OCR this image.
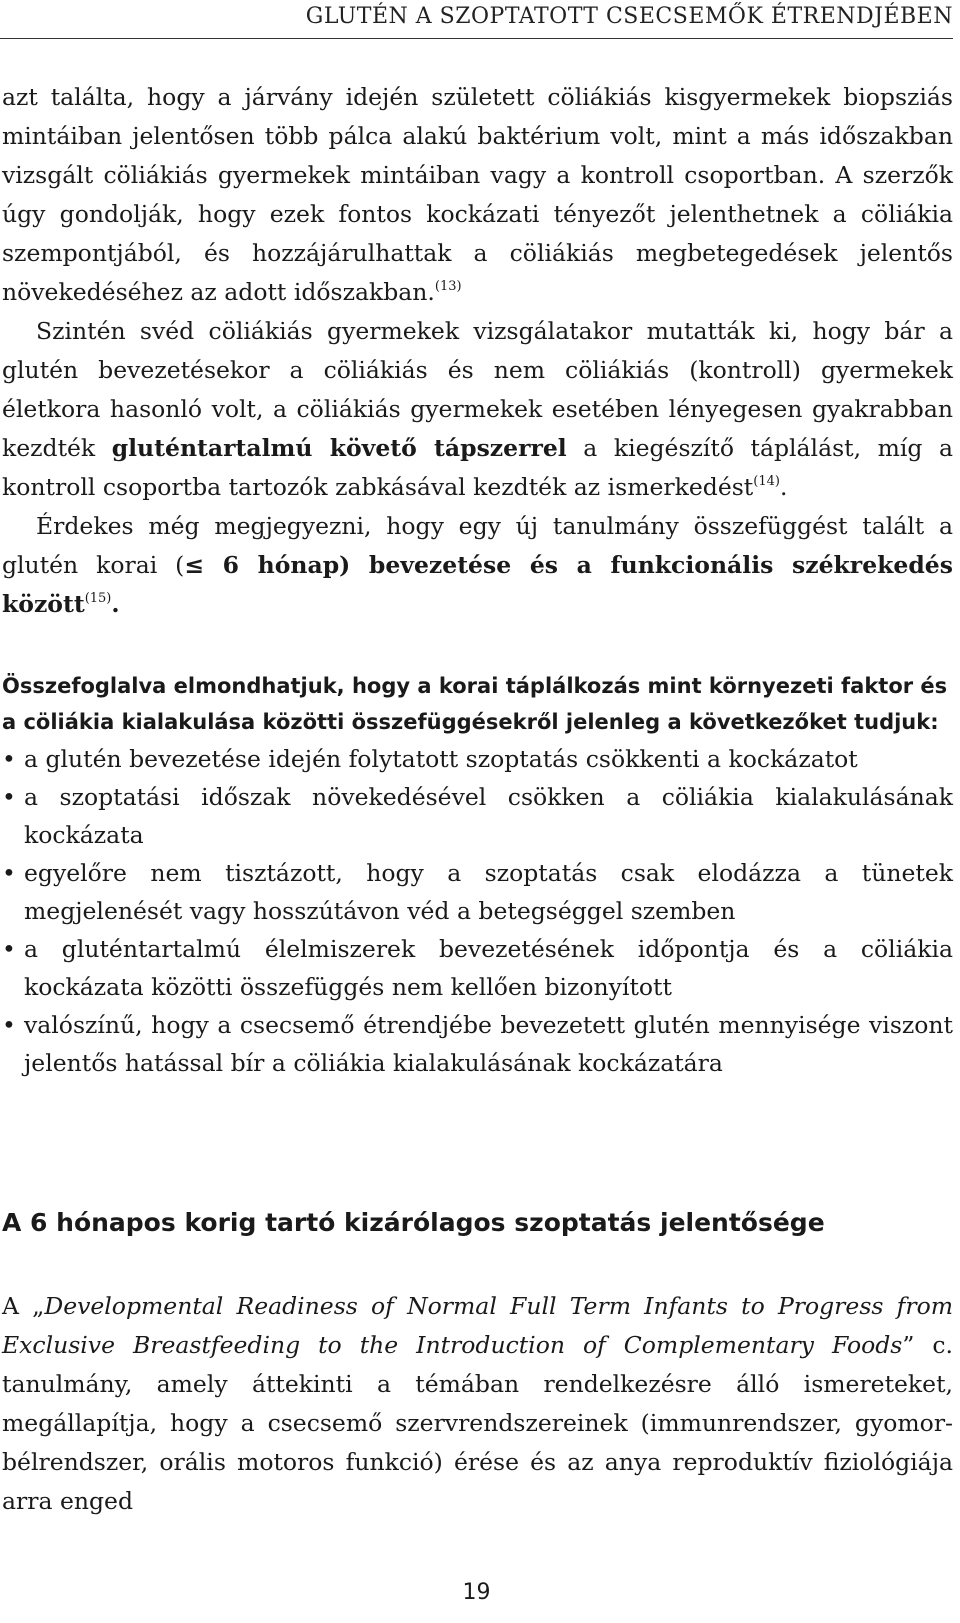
GLUTÉN A SZOPTATOTT CSECSEMŐK ÉTRENDJÉBEN

azt találta, hogy a járvány idején született cöliákiás kisgyermekek biopsziás mintáiban jelentősen több pálca alakú baktérium volt, mint a más időszakban vizsgált cöliákiás gyermekek mintáiban vagy a kontroll csoportban. A szerzők úgy gondolják, hogy ezek fontos kockázati tényezőt jelenthetnek a cöliákia szempontjából, és hozzájárulhattak a cöliákiás megbetegedések jelentős növekedéséhez az adott időszakban.$^{(13)}$

Szintén svéd cöliákiás gyermekek vizsgálatakor mutatták ki, hogy bár a glutén bevezetésekor a cöliákiás és nem cöliákiás (kontroll) gyermekek életkora hasonló volt, a cöliákiás gyermekek esetében lényegesen gyakrabban kezdték gluténtartalmú követő tápszerrel a kiegészítő táplálást, míg a kontroll csoportba tartozók zabkásával kezdték az ismerkedést$^{(14)}$.

Érdekes még megjegyezni, hogy egy új tanulmány összefüggést talált a glutén korai (≤ 6 hónap) bevezetése és a funkcionális székrekedés között$^{(15)}$.

Összefoglalva elmondhatjuk, hogy a korai táplálkozás mint környezeti faktor és a cöliákia kialakulása közötti összefüggésekről jelenleg a következőket tudjuk:

• a glutén bevezetése idején folytatott szoptatás csökkenti a kockázatot
• a szoptatási időszak növekedésével csökken a cöliákia kialakulásának kockázata
• egyelőre nem tisztázott, hogy a szoptatás csak elodázza a tünetek megjelenését vagy hosszútávon véd a betegséggel szemben
• a gluténtartalmú élelmiszerek bevezetésének időpontja és a cöliákia kockázata közötti összefüggés nem kellően bizonyított
• valószínű, hogy a csecsemő étrendjébe bevezetett glutén mennyisége viszont jelentős hatással bír a cöliákia kialakulásának kockázatára
A 6 hónapos korig tartó kizárólagos szoptatás jelentősége

A „Developmental Readiness of Normal Full Term Infants to Progress from Exclusive Breastfeeding to the Introduction of Complementary Foods” c. tanulmány, amely áttekinti a témában rendelkezésre álló ismereteket, megállapítja, hogy a csecsemő szervrendszereinek (immunrendszer, gyomor-bélrendszer, orális motoros funkció) érése és az anya reproduktív fiziológiája arra enged

19
